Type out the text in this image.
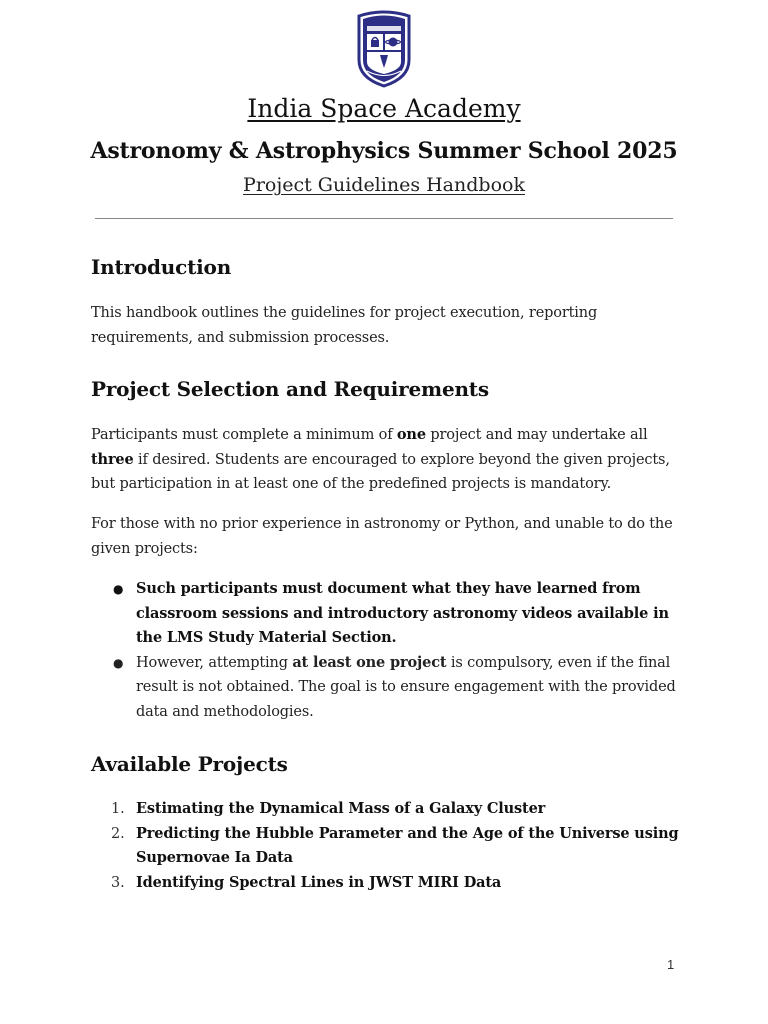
India Space Academy
Astronomy & Astrophysics Summer School 2025
Project Guidelines Handbook
Introduction
This handbook outlines the guidelines for project execution, reporting requirements, and submission processes.
Project Selection and Requirements
Participants must complete a minimum of one project and may undertake all three if desired. Students are encouraged to explore beyond the given projects, but participation in at least one of the predefined projects is mandatory.
For those with no prior experience in astronomy or Python, and unable to do the given projects:
● Such participants must document what they have learned from classroom sessions and introductory astronomy videos available in the LMS Study Material Section.
● However, attempting at least one project is compulsory, even if the final result is not obtained. The goal is to ensure engagement with the provided data and methodologies.
Available Projects
1. Estimating the Dynamical Mass of a Galaxy Cluster
2. Predicting the Hubble Parameter and the Age of the Universe using Supernovae Ia Data
3. Identifying Spectral Lines in JWST MIRI Data
1
